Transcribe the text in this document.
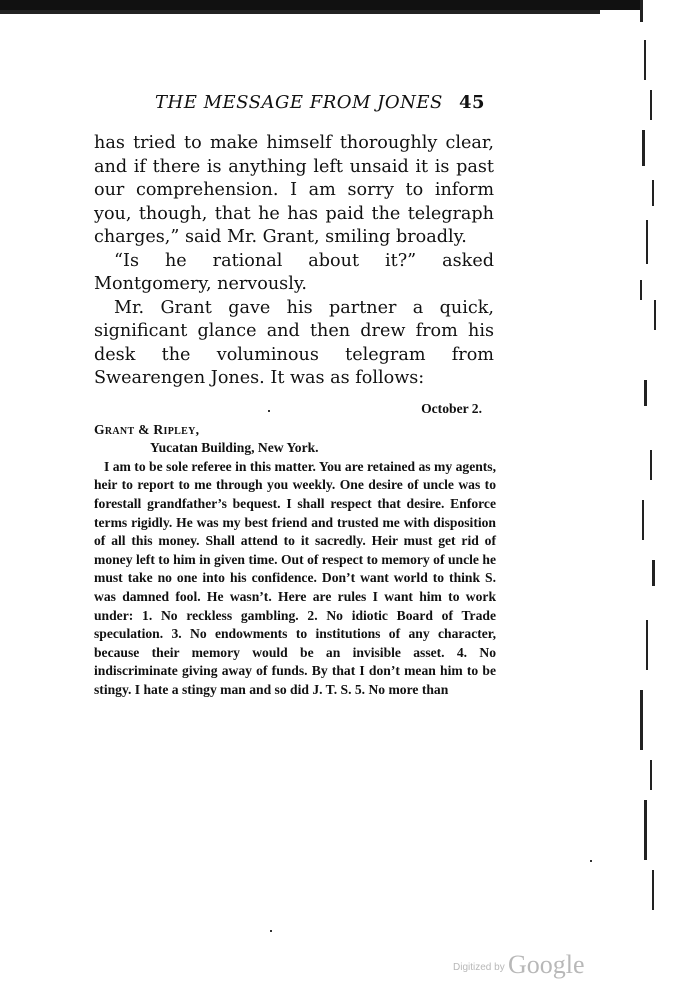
THE MESSAGE FROM JONES 45

has tried to make himself thoroughly clear, and if there is anything left unsaid it is past our comprehension. I am sorry to inform you, though, that he has paid the telegraph charges,” said Mr. Grant, smiling broadly.

“Is he rational about it?” asked Montgomery, nervously.

Mr. Grant gave his partner a quick, significant glance and then drew from his desk the voluminous telegram from Swearengen Jones. It was as follows:

October 2.
Grant & Ripley,
Yucatan Building, New York.
I am to be sole referee in this matter. You are retained as my agents, heir to report to me through you weekly. One desire of uncle was to forestall grandfather’s bequest. I shall respect that desire. Enforce terms rigidly. He was my best friend and trusted me with disposition of all this money. Shall attend to it sacredly. Heir must get rid of money left to him in given time. Out of respect to memory of uncle he must take no one into his confidence. Don’t want world to think S. was damned fool. He wasn’t. Here are rules I want him to work under: 1. No reckless gambling. 2. No idiotic Board of Trade speculation. 3. No endowments to institutions of any character, because their memory would be an invisible asset. 4. No indiscriminate giving away of funds. By that I don’t mean him to be stingy. I hate a stingy man and so did J. T. S. 5. No more than
Digitized by Google
